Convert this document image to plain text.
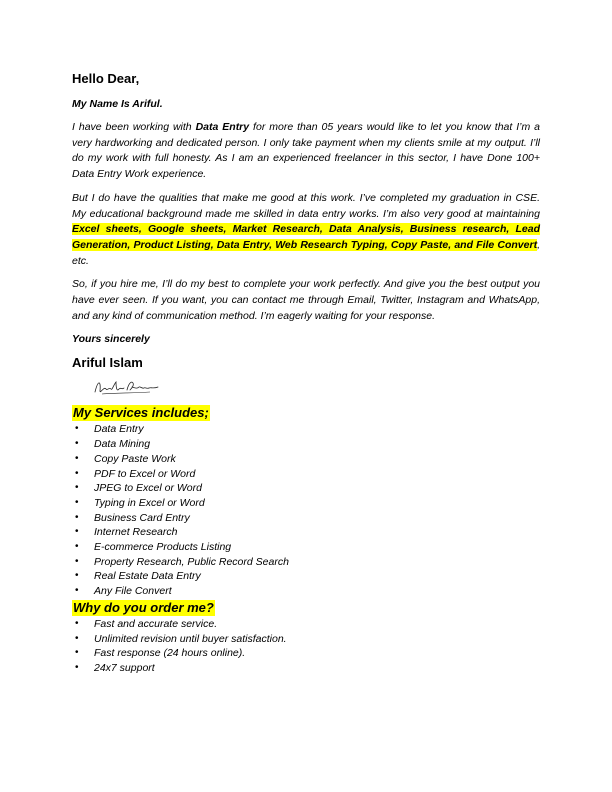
Hello Dear,
My Name Is Ariful.

I have been working with Data Entry for more than 05 years would like to let you know that I’m a very hardworking and dedicated person. I only take payment when my clients smile at my output. I’ll do my work with full honesty. As I am an experienced freelancer in this sector, I have Done 100+ Data Entry Work experience.

But I do have the qualities that make me good at this work. I’ve completed my graduation in CSE. My educational background made me skilled in data entry works. I’m also very good at maintaining Excel sheets, Google sheets, Market Research, Data Analysis, Business research, Lead Generation, Product Listing, Data Entry, Web Research Typing, Copy Paste, and File Convert, etc.

So, if you hire me, I’ll do my best to complete your work perfectly. And give you the best output you have ever seen. If you want, you can contact me through Email, Twitter, Instagram and WhatsApp, and any kind of communication method. I’m eagerly waiting for your response.

Yours sincerely
Ariful Islam
My Services includes;
• Data Entry
• Data Mining
• Copy Paste Work
• PDF to Excel or Word
• JPEG to Excel or Word
• Typing in Excel or Word
• Business Card Entry
• Internet Research
• E-commerce Products Listing
• Property Research, Public Record Search
• Real Estate Data Entry
• Any File Convert
Why do you order me?
• Fast and accurate service.
• Unlimited revision until buyer satisfaction.
• Fast response (24 hours online).
• 24x7 support
